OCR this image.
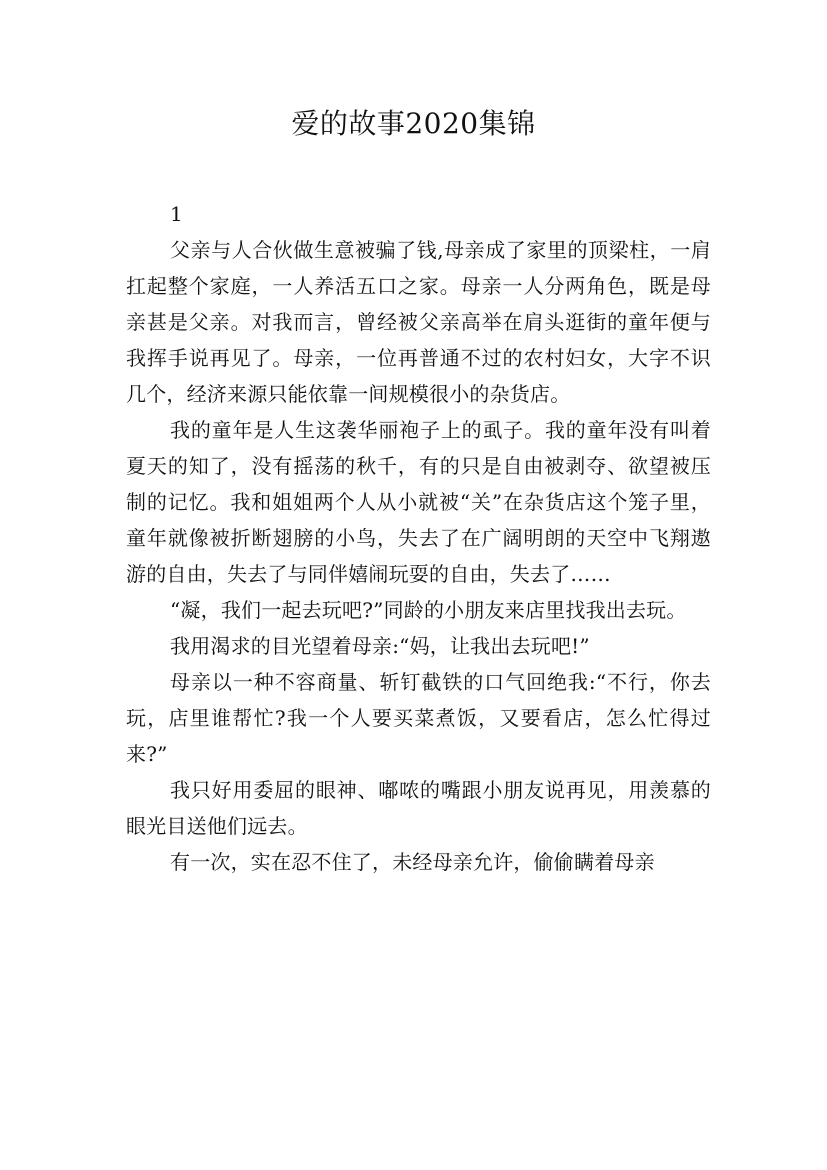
爱的故事2020集锦

1

父亲与人合伙做生意被骗了钱,母亲成了家里的顶梁柱，一肩扛起整个家庭，一人养活五口之家。母亲一人分两角色，既是母亲甚是父亲。对我而言，曾经被父亲高举在肩头逛街的童年便与我挥手说再见了。母亲，一位再普通不过的农村妇女，大字不识几个，经济来源只能依靠一间规模很小的杂货店。

我的童年是人生这袭华丽袍子上的虱子。我的童年没有叫着夏天的知了，没有摇荡的秋千，有的只是自由被剥夺、欲望被压制的记忆。我和姐姐两个人从小就被“关”在杂货店这个笼子里，童年就像被折断翅膀的小鸟，失去了在广阔明朗的天空中飞翔遨游的自由，失去了与同伴嬉闹玩耍的自由，失去了……

“凝，我们一起去玩吧?”同龄的小朋友来店里找我出去玩。

我用渴求的目光望着母亲:“妈，让我出去玩吧!”

母亲以一种不容商量、斩钉截铁的口气回绝我:“不行，你去玩，店里谁帮忙?我一个人要买菜煮饭，又要看店，怎么忙得过来?”

我只好用委屈的眼神、嘟哝的嘴跟小朋友说再见，用羡慕的眼光目送他们远去。

有一次，实在忍不住了，未经母亲允许，偷偷瞒着母亲
